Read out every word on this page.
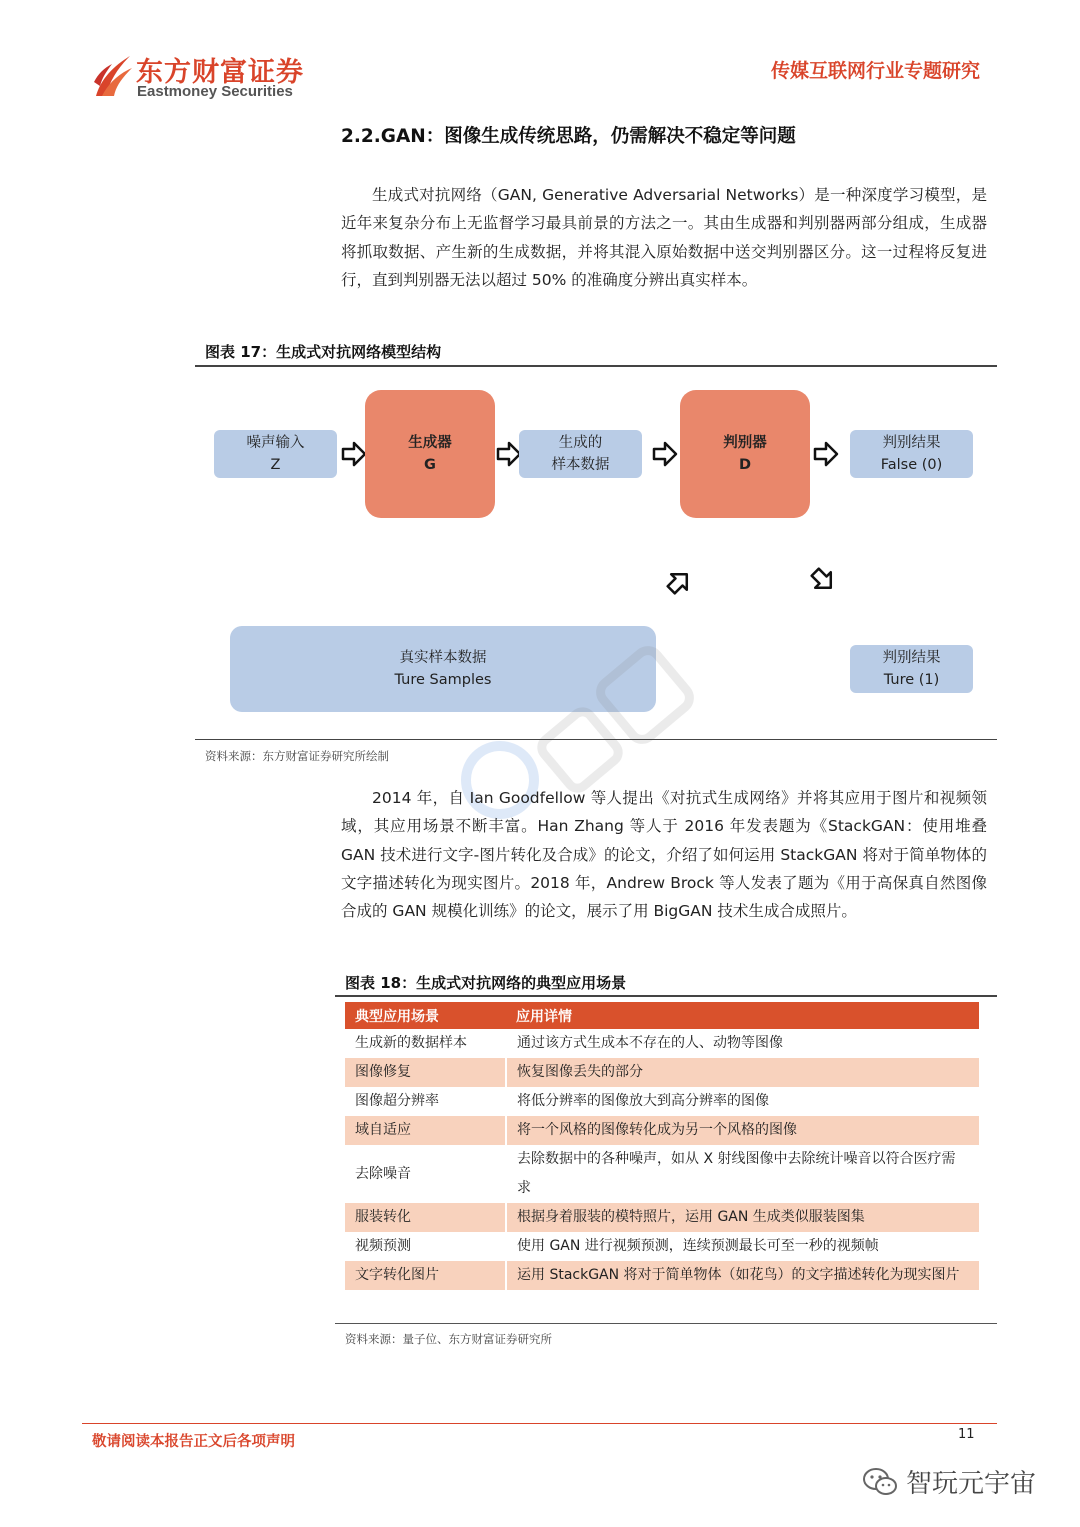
东方财富证券
Eastmoney Securities
传媒互联网行业专题研究
2.2.GAN：图像生成传统思路，仍需解决不稳定等问题

生成式对抗网络（GAN, Generative Adversarial Networks）是一种深度学习模型，是近年来复杂分布上无监督学习最具前景的方法之一。其由生成器和判别器两部分组成，生成器将抓取数据、产生新的生成数据，并将其混入原始数据中送交判别器区分。这一过程将反复进行，直到判别器无法以超过 50% 的准确度分辨出真实样本。

图表 17：生成式对抗网络模型结构
噪声输入
Z
生成器
G
生成的
样本数据
判别器
D
判别结果
False (0)
真实样本数据
Ture Samples
判别结果
Ture (1)
资料来源：东方财富证券研究所绘制

2014 年，自 Ian Goodfellow 等人提出《对抗式生成网络》并将其应用于图片和视频领域，其应用场景不断丰富。Han Zhang 等人于 2016 年发表题为《StackGAN：使用堆叠 GAN 技术进行文字-图片转化及合成》的论文，介绍了如何运用 StackGAN 将对于简单物体的文字描述转化为现实图片。2018 年，Andrew Brock 等人发表了题为《用于高保真自然图像合成的 GAN 规模化训练》的论文，展示了用 BigGAN 技术生成合成照片。

图表 18：生成式对抗网络的典型应用场景
典型应用场景	应用详情
生成新的数据样本	通过该方式生成本不存在的人、动物等图像
图像修复	恢复图像丢失的部分
图像超分辨率	将低分辨率的图像放大到高分辨率的图像
域自适应	将一个风格的图像转化成为另一个风格的图像
去除噪音	去除数据中的各种噪声，如从 X 射线图像中去除统计噪音以符合医疗需求
服装转化	根据身着服装的模特照片，运用 GAN 生成类似服装图集
视频预测	使用 GAN 进行视频预测，连续预测最长可至一秒的视频帧
文字转化图片	运用 StackGAN 将对于简单物体（如花鸟）的文字描述转化为现实图片
资料来源：量子位、东方财富证券研究所
敬请阅读本报告正文后各项声明	11
智玩元宇宙
